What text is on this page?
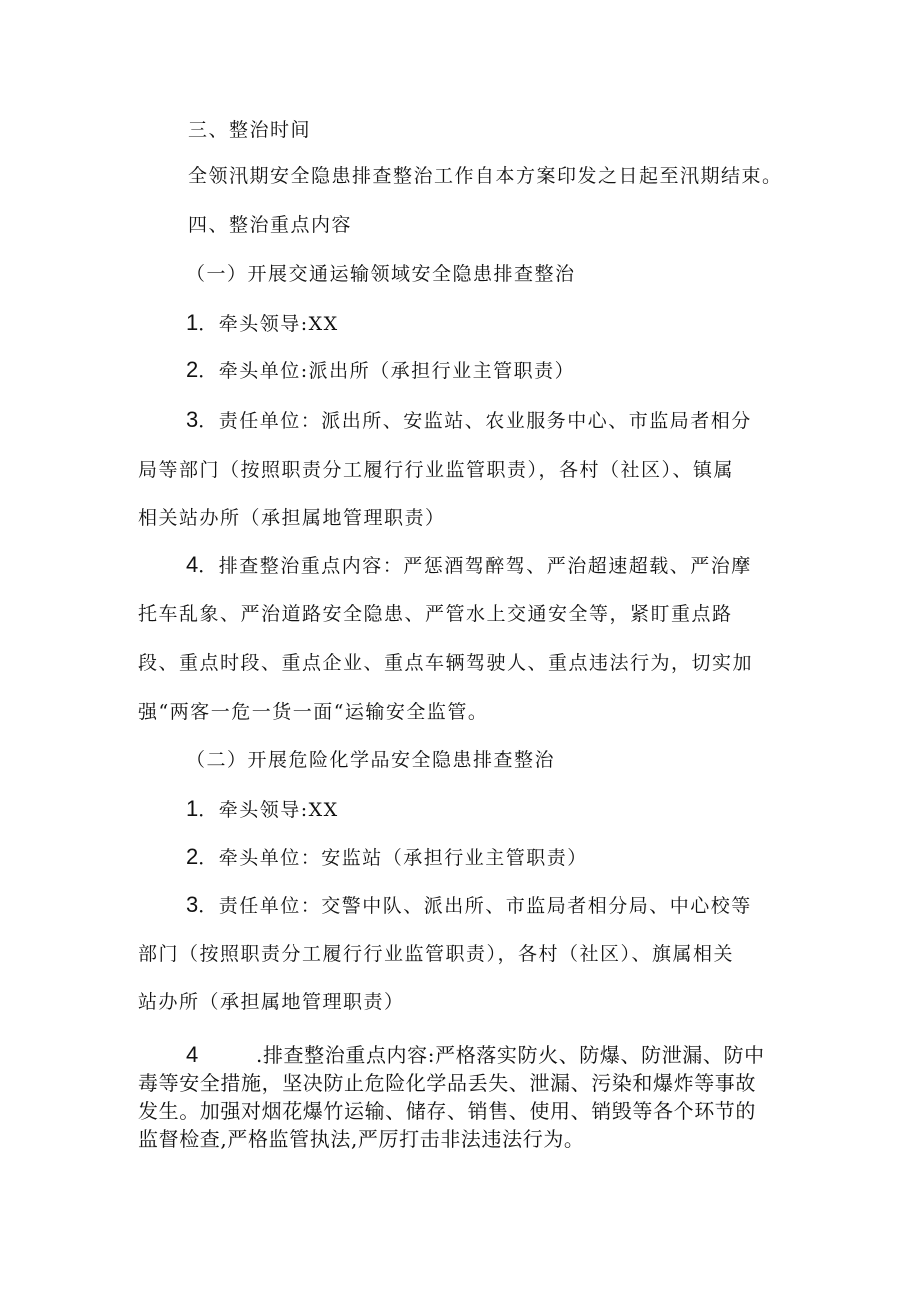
三、整治时间

全领汛期安全隐患排查整治工作自本方案印发之日起至汛期结束。

四、整治重点内容

（一）开展交通运输领域安全隐患排查整治

1．牵头领导:XX
2．牵头单位:派出所（承担行业主管职责）
3．责任单位：派出所、安监站、农业服务中心、市监局者相分

局等部门（按照职责分工履行行业监管职责），各村（社区）、镇属

相关站办所（承担属地管理职责）

4．排查整治重点内容：严惩酒驾醉驾、严治超速超载、严治摩

托车乱象、严治道路安全隐患、严管水上交通安全等，紧盯重点路

段、重点时段、重点企业、重点车辆驾驶人、重点违法行为，切实加

强“两客一危一货一面“运输安全监管。

（二）开展危险化学品安全隐患排查整治

1．牵头领导:XX
2．牵头单位：安监站（承担行业主管职责）
3．责任单位：交警中队、派出所、市监局者相分局、中心校等

部门（按照职责分工履行行业监管职责），各村（社区）、旗属相关

站办所（承担属地管理职责）

4	.排查整治重点内容:严格落实防火、防爆、防泄漏、防中

毒等安全措施，坚决防止危险化学品丢失、泄漏、污染和爆炸等事故

发生。加强对烟花爆竹运输、储存、销售、使用、销毁等各个环节的

监督检查,严格监管执法,严厉打击非法违法行为。
